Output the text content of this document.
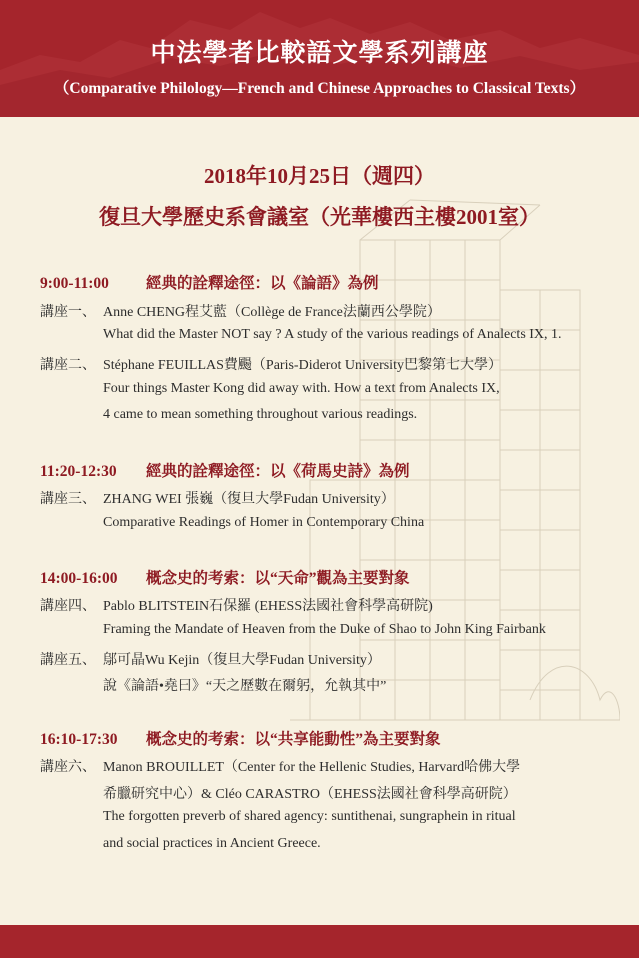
中法學者比較語文學系列講座
（Comparative Philology—French and Chinese Approaches to Classical Texts）
2018年10月25日（週四）
復旦大學歷史系會議室（光華樓西主樓2001室）
9:00-11:00 經典的詮釋途徑：以《論語》為例
講座一、 Anne CHENG程艾藍（Collège de France法蘭西公學院）
What did the Master NOT say ? A study of the various readings of Analects IX, 1.
講座二、 Stéphane FEUILLAS費颺（Paris-Diderot University巴黎第七大學）
Four things Master Kong did away with. How a text from Analects IX,
4 came to mean something throughout various readings.
11:20-12:30 經典的詮釋途徑：以《荷馬史詩》為例
講座三、 ZHANG WEI 張巍（復旦大學Fudan University）
Comparative Readings of Homer in Contemporary China
14:00-16:00 概念史的考索：以“天命”觀為主要對象
講座四、 Pablo BLITSTEIN石保羅 (EHESS法國社會科學高研院)
Framing the Mandate of Heaven from the Duke of Shao to John King Fairbank
講座五、 鄔可晶Wu Kejin（復旦大學Fudan University）
說《論語•堯曰》“天之歷數在爾躬，允執其中”
16:10-17:30 概念史的考索：以“共享能動性”為主要對象
講座六、 Manon BROUILLET（Center for the Hellenic Studies, Harvard哈佛大學
希臘研究中心）& Cléo CARASTRO（EHESS法國社會科學高研院）
The forgotten preverb of shared agency: suntithenai, sungraphein in ritual
and social practices in Ancient Greece.
